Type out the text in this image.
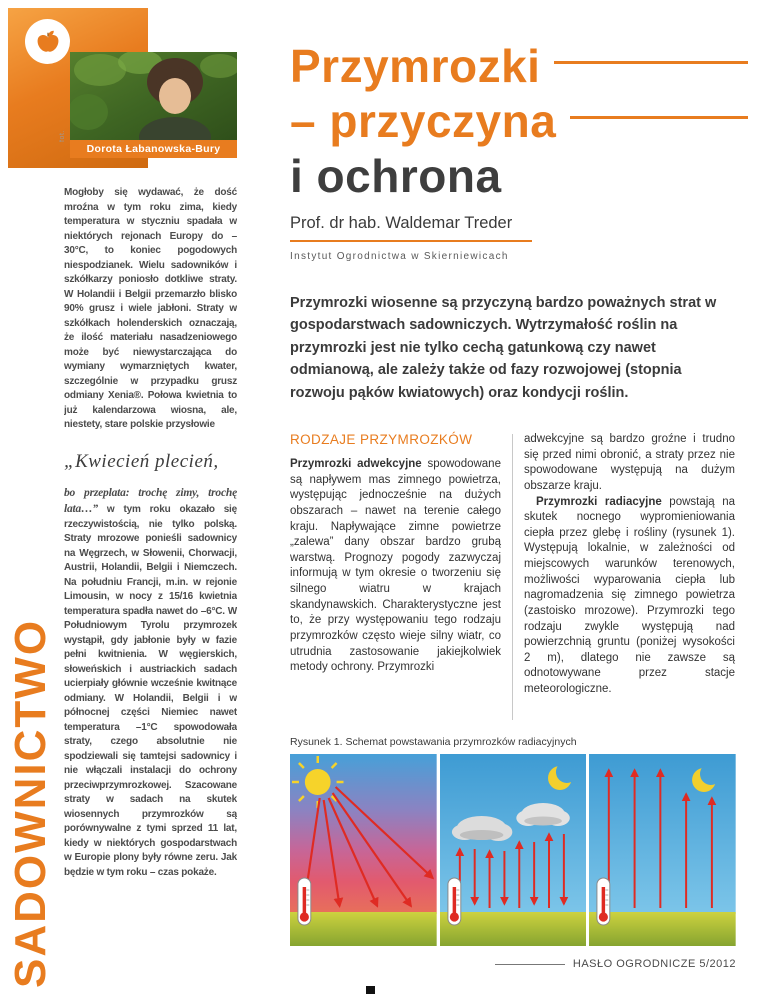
fot.
Dorota Łabanowska-Bury

Mogłoby się wydawać, że dość mroźna w tym roku zima, kiedy temperatura w styczniu spadała w niektórych rejonach Europy do –30°C, to koniec pogodowych niespodzianek. Wielu sadowników i szkółkarzy poniosło dotkliwe straty. W Holandii i Belgii przemarzło blisko 90% grusz i wiele jabłoni. Straty w szkółkach holenderskich oznaczają, że ilość materiału nasadzeniowego może być niewystarczająca do wymiany wymarzniętych kwater, szczególnie w przypadku grusz odmiany Xenia®. Połowa kwietnia to już kalendarzowa wiosna, ale, niestety, stare polskie przysłowie

„Kwiecień plecień,

bo przeplata: trochę zimy, trochę lata…” w tym roku okazało się rzeczywistością, nie tylko polską. Straty mrozowe ponieśli sadownicy na Węgrzech, w Słowenii, Chorwacji, Austrii, Holandii, Belgii i Niemczech. Na południu Francji, m.in. w rejonie Limousin, w nocy z 15/16 kwietnia temperatura spadła nawet do –6°C. W Południowym Tyrolu przymrozek wystąpił, gdy jabłonie były w fazie pełni kwitnienia. W węgierskich, słoweńskich i austriackich sadach ucierpiały głównie wcześnie kwitnące odmiany. W Holandii, Belgii i w północnej części Niemiec nawet temperatura –1°C spowodowała straty, czego absolutnie nie spodziewali się tamtejsi sadownicy i nie włączali instalacji do ochrony przeciwprzymrozkowej. Szacowane straty w sadach na skutek wiosennych przymrozków są porównywalne z tymi sprzed 11 lat, kiedy w niektórych gospodarstwach w Europie plony były równe zeru. Jak będzie w tym roku – czas pokaże.

SADOWNICTWO
Przymrozki
– przyczyna
i ochrona
Prof. dr hab. Waldemar Treder
Instytut Ogrodnictwa w Skierniewicach
Przymrozki wiosenne są przyczyną bardzo poważnych strat w gospodarstwach sadowniczych. Wytrzymałość roślin na przymrozki jest nie tylko cechą gatunkową czy nawet odmianową, ale zależy także od fazy rozwojowej (stopnia rozwoju pąków kwiatowych) oraz kondycji roślin.
RODZAJE PRZYMROZKÓW

Przymrozki adwekcyjne spowodowane są napływem mas zimnego powietrza, występując jednocześnie na dużych obszarach – nawet na terenie całego kraju. Napływające zimne powietrze „zalewa” dany obszar bardzo grubą warstwą. Prognozy pogody zazwyczaj informują w tym okresie o tworzeniu się silnego wiatru w krajach skandynawskich. Charakterystyczne jest to, że przy występowaniu tego rodzaju przymrozków często wieje silny wiatr, co utrudnia zastosowanie jakiejkolwiek metody ochrony. Przymrozki

adwekcyjne są bardzo groźne i trudno się przed nimi obronić, a straty przez nie spowodowane występują na dużym obszarze kraju.

Przymrozki radiacyjne powstają na skutek nocnego wypromieniowania ciepła przez glebę i rośliny (rysunek 1). Występują lokalnie, w zależności od miejscowych warunków terenowych, możliwości wyparowania ciepła lub nagromadzenia się zimnego powietrza (zastoisko mrozowe). Przymrozki tego rodzaju zwykle występują nad powierzchnią gruntu (poniżej wysokości 2 m), dlatego nie zawsze są odnotowywane przez stacje meteorologiczne.

Rysunek 1. Schemat powstawania przymrozków radiacyjnych
HASŁO OGRODNICZE 5/2012
